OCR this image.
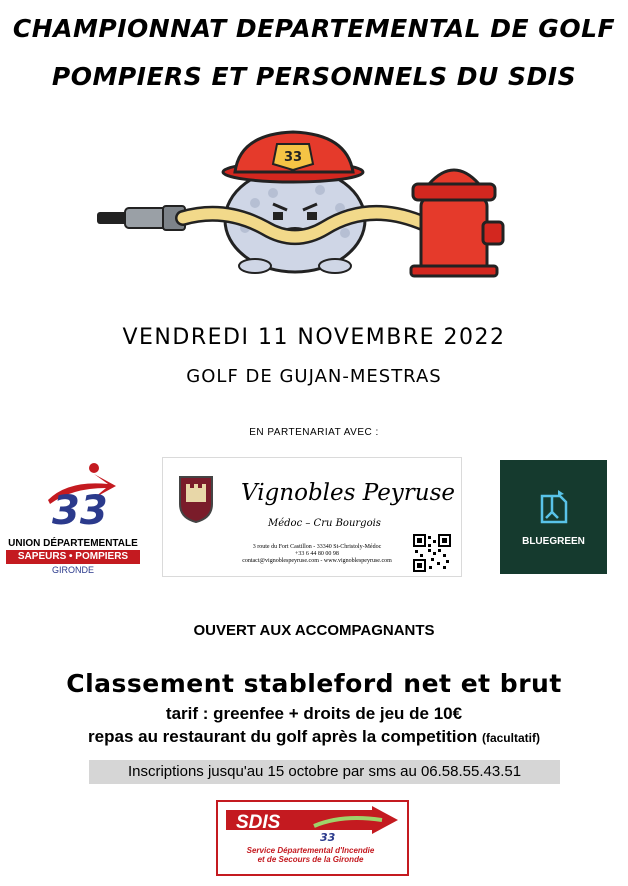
CHAMPIONNAT DEPARTEMENTAL DE GOLF
POMPIERS ET PERSONNELS DU SDIS
33
VENDREDI 11 NOVEMBRE 2022
GOLF DE GUJAN-MESTRAS
EN PARTENARIAT AVEC :
33
UNION DÉPARTEMENTALE
SAPEURS • POMPIERS
GIRONDE
Vignobles Peyruse
Médoc – Cru Bourgois
3 route du Fort Castillon - 33340 St-Christoly-Médoc
+33 6 44 80 00 98
contact@vignoblespeyruse.com - www.vignoblespeyruse.com
BLUEGREEN
OUVERT AUX ACCOMPAGNANTS
Classement stableford net et brut
tarif : greenfee + droits de jeu de 10€
repas au restaurant du golf après la competition (facultatif)
Inscriptions jusqu'au 15 octobre par sms au 06.58.55.43.51
33
SDIS
Service Départemental d'Incendie
et de Secours de la Gironde
